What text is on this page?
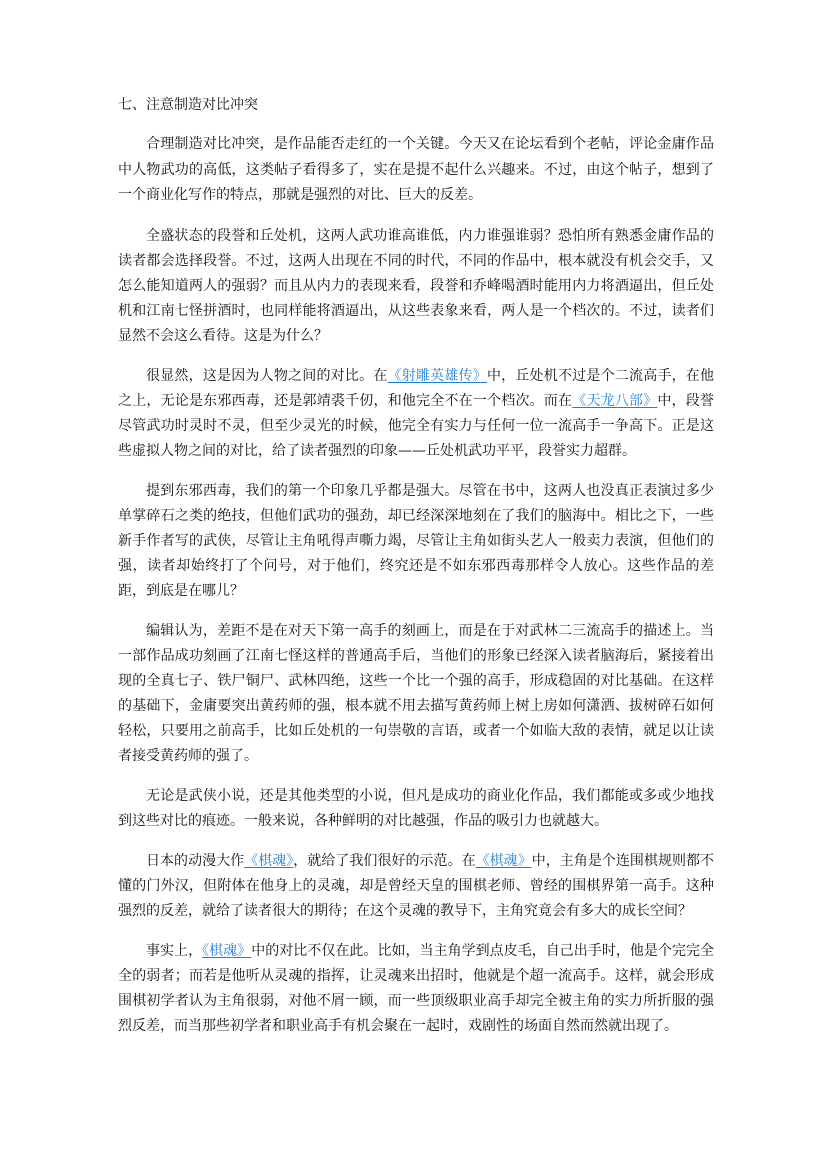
七、注意制造对比冲突

合理制造对比冲突，是作品能否走红的一个关键。今天又在论坛看到个老帖，评论金庸作品中人物武功的高低，这类帖子看得多了，实在是提不起什么兴趣来。不过，由这个帖子，想到了一个商业化写作的特点，那就是强烈的对比、巨大的反差。

全盛状态的段誉和丘处机，这两人武功谁高谁低，内力谁强谁弱？恐怕所有熟悉金庸作品的读者都会选择段誉。不过，这两人出现在不同的时代，不同的作品中，根本就没有机会交手，又怎么能知道两人的强弱？而且从内力的表现来看，段誉和乔峰喝酒时能用内力将酒逼出，但丘处机和江南七怪拼酒时，也同样能将酒逼出，从这些表象来看，两人是一个档次的。不过，读者们显然不会这么看待。这是为什么？

很显然，这是因为人物之间的对比。在《射雕英雄传》中，丘处机不过是个二流高手，在他之上，无论是东邪西毒，还是郭靖裘千仞，和他完全不在一个档次。而在《天龙八部》中，段誉尽管武功时灵时不灵，但至少灵光的时候，他完全有实力与任何一位一流高手一争高下。正是这些虚拟人物之间的对比，给了读者强烈的印象——丘处机武功平平，段誉实力超群。

提到东邪西毒，我们的第一个印象几乎都是强大。尽管在书中，这两人也没真正表演过多少单掌碎石之类的绝技，但他们武功的强劲，却已经深深地刻在了我们的脑海中。相比之下，一些新手作者写的武侠，尽管让主角吼得声嘶力竭，尽管让主角如街头艺人一般卖力表演，但他们的强，读者却始终打了个问号，对于他们，终究还是不如东邪西毒那样令人放心。这些作品的差距，到底是在哪儿？

编辑认为，差距不是在对天下第一高手的刻画上，而是在于对武林二三流高手的描述上。当一部作品成功刻画了江南七怪这样的普通高手后，当他们的形象已经深入读者脑海后，紧接着出现的全真七子、铁尸铜尸、武林四绝，这些一个比一个强的高手，形成稳固的对比基础。在这样的基础下，金庸要突出黄药师的强，根本就不用去描写黄药师上树上房如何潇洒、拔树碎石如何轻松，只要用之前高手，比如丘处机的一句崇敬的言语，或者一个如临大敌的表情，就足以让读者接受黄药师的强了。

无论是武侠小说，还是其他类型的小说，但凡是成功的商业化作品，我们都能或多或少地找到这些对比的痕迹。一般来说，各种鲜明的对比越强，作品的吸引力也就越大。

日本的动漫大作《棋魂》，就给了我们很好的示范。在《棋魂》中，主角是个连围棋规则都不懂的门外汉，但附体在他身上的灵魂，却是曾经天皇的围棋老师、曾经的围棋界第一高手。这种强烈的反差，就给了读者很大的期待；在这个灵魂的教导下，主角究竟会有多大的成长空间？

事实上，《棋魂》中的对比不仅在此。比如，当主角学到点皮毛，自己出手时，他是个完完全全的弱者；而若是他听从灵魂的指挥，让灵魂来出招时，他就是个超一流高手。这样，就会形成围棋初学者认为主角很弱，对他不屑一顾，而一些顶级职业高手却完全被主角的实力所折服的强烈反差，而当那些初学者和职业高手有机会聚在一起时，戏剧性的场面自然而然就出现了。
